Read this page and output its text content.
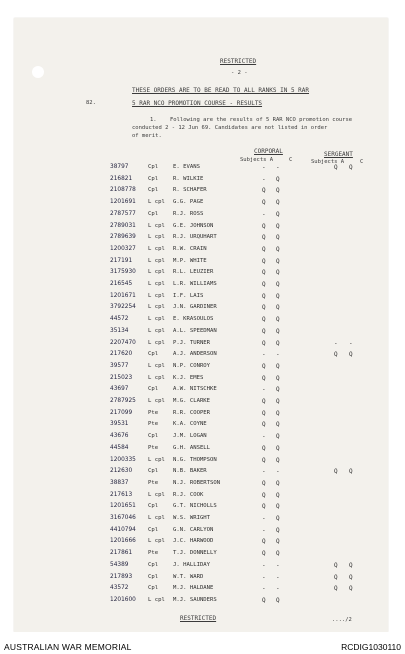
RESTRICTED
- 2 -
THESE ORDERS ARE TO BE READ TO ALL RANKS IN 5 RAR
82.	5 RAR NCO PROMOTION COURSE - RESULTS
1. Following are the results of 5 RAR NCO promotion course
conducted 2 - 12 Jun 69. Candidates are not listed in order
of merit.
CORPORAL	SERGEANT
Subjects A	C	Subjects A	C
38797	Cpl	E. EVANS	- -	Q Q
216821	Cpl	R. WILKIE	- Q
2108778 Cpl	R. SCHAFER	Q Q
1201691 L cpl G.G. PAGE	Q Q
2787577 Cpl	R.J. ROSS	- Q
2789031 L cpl G.E. JOHNSON	Q Q
2789639 L cpl R.J. URQUHART	Q Q
1200327 L cpl R.W. CRAIN	Q Q
217191	L cpl M.P. WHITE	Q Q
3175930 L cpl R.L. LEUZIER	Q Q
216545	L cpl L.R. WILLIAMS	Q Q
1201671 L cpl I.F. LAIS	Q Q
3792254 L cpl J.N. GARDINER	Q Q
44572	L cpl E. KRASOULOS	Q Q
35134	L cpl A.L. SPEEDMAN	Q Q
2207470 L cpl P.J. TURNER	Q Q	- -
217620	Cpl	A.J. ANDERSON	- -	Q Q
39577	L cpl N.P. CONROY	Q Q
215023	L cpl K.J. EMES	Q Q
43697	Cpl	A.W. NITSCHKE	- Q
2787925 L cpl M.G. CLARKE	Q Q
217099	Pte	R.R. COOPER	Q Q
39531	Pte	K.A. COYNE	Q Q
43676	Cpl	J.M. LOGAN	- Q
44584	Pte	G.H. ANSELL	Q Q
1200335 L cpl N.G. THOMPSON	Q Q
212630	Cpl	N.B. BAKER	- -	Q Q
38837	Pte	N.J. ROBERTSON	Q Q
217613	L cpl R.J. COOK	Q Q
1201651 Cpl	G.T. NICHOLLS	Q Q
3167046 L cpl W.S. WRIGHT	- Q
4410794 Cpl	G.N. CARLYON	- Q
1201666 L cpl J.C. HARWOOD	Q Q
217861	Pte	T.J. DONNELLY	Q Q
54389	Cpl	J. HALLIDAY	- -	Q Q
217893	Cpl	W.T. WARD	- -	Q Q
43572	Cpl	M.J. HALDANE	- -	Q Q
1201600 L cpl M.J. SAUNDERS	Q Q
RESTRICTED	..../2
AUSTRALIAN WAR MEMORIAL	RCDIG1030110
